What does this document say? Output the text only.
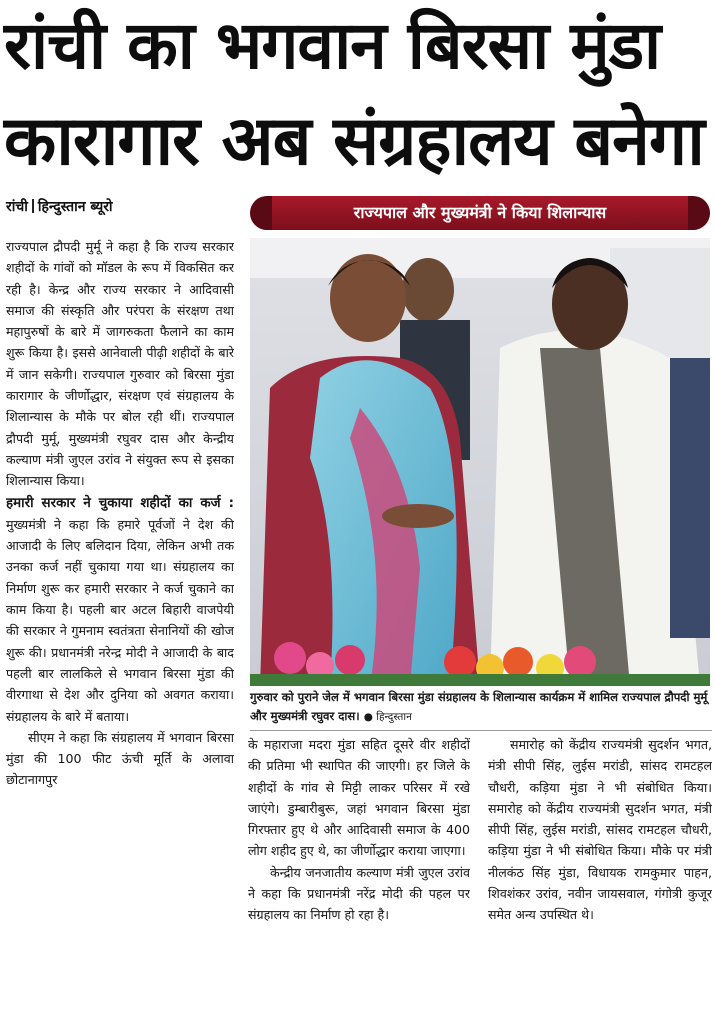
रांची का भगवान बिरसा मुंडा
कारागार अब संग्रहालय बनेगा
रांची हिन्दुस्तान ब्यूरो

राज्यपाल द्रौपदी मुर्मू ने कहा है कि राज्य सरकार शहीदों के गांवों को मॉडल के रूप में विकसित कर रही है। केन्द्र और राज्य सरकार ने आदिवासी समाज की संस्कृति और परंपरा के संरक्षण तथा महापुरुषों के बारे में जागरुकता फैलाने का काम शुरू किया है। इससे आनेवाली पीढ़ी शहीदों के बारे में जान सकेगी। राज्यपाल गुरुवार को बिरसा मुंडा कारागार के जीर्णोद्धार, संरक्षण एवं संग्रहालय के शिलान्यास के मौके पर बोल रही थीं। राज्यपाल द्रौपदी मुर्मू, मुख्यमंत्री रघुवर दास और केन्द्रीय कल्याण मंत्री जुएल उरांव ने संयुक्त रूप से इसका शिलान्यास किया।

हमारी सरकार ने चुकाया शहीदों का कर्ज : मुख्यमंत्री ने कहा कि हमारे पूर्वजों ने देश की आजादी के लिए बलिदान दिया, लेकिन अभी तक उनका कर्ज नहीं चुकाया गया था। संग्रहालय का निर्माण शुरू कर हमारी सरकार ने कर्ज चुकाने का काम किया है। पहली बार अटल बिहारी वाजपेयी की सरकार ने गुमनाम स्वतंत्रता सेनानियों की खोज शुरू की। प्रधानमंत्री नरेन्द्र मोदी ने आजादी के बाद पहली बार लालकिले से भगवान बिरसा मुंडा की वीरगाथा से देश और दुनिया को अवगत कराया। संग्रहालय के बारे में बताया।

सीएम ने कहा कि संग्रहालय में भगवान बिरसा मुंडा की 100 फीट ऊंची मूर्ति के अलावा छोटानागपुर

राज्यपाल और मुख्यमंत्री ने किया शिलान्यास
गुरुवार को पुराने जेल में भगवान बिरसा मुंडा संग्रहालय के शिलान्यास कार्यक्रम में शामिल राज्यपाल द्रौपदी मुर्मू और मुख्यमंत्री रघुवर दास। ● हिन्दुस्तान

के महाराजा मदरा मुंडा सहित दूसरे वीर शहीदों की प्रतिमा भी स्थापित की जाएगी। हर जिले के शहीदों के गांव से मिट्टी लाकर परिसर में रखे जाएंगे। डुम्बारीबुरू, जहां भगवान बिरसा मुंडा गिरफ्तार हुए थे और आदिवासी समाज के 400 लोग शहीद हुए थे, का जीर्णोद्धार कराया जाएगा।

केन्द्रीय जनजातीय कल्याण मंत्री जुएल उरांव ने कहा कि प्रधानमंत्री नरेंद्र मोदी की पहल पर संग्रहालय का निर्माण हो रहा है।

समारोह को केंद्रीय राज्यमंत्री सुदर्शन भगत, मंत्री सीपी सिंह, लुईस मरांडी, सांसद रामटहल चौधरी, कड़िया मुंडा ने भी संबोधित किया। समारोह को केंद्रीय राज्यमंत्री सुदर्शन भगत, मंत्री सीपी सिंह, लुईस मरांडी, सांसद रामटहल चौधरी, कड़िया मुंडा ने भी संबोधित किया। मौके पर मंत्री नीलकंठ सिंह मुंडा, विधायक रामकुमार पाहन, शिवशंकर उरांव, नवीन जायसवाल, गंगोत्री कुजूर समेत अन्य उपस्थित थे।
